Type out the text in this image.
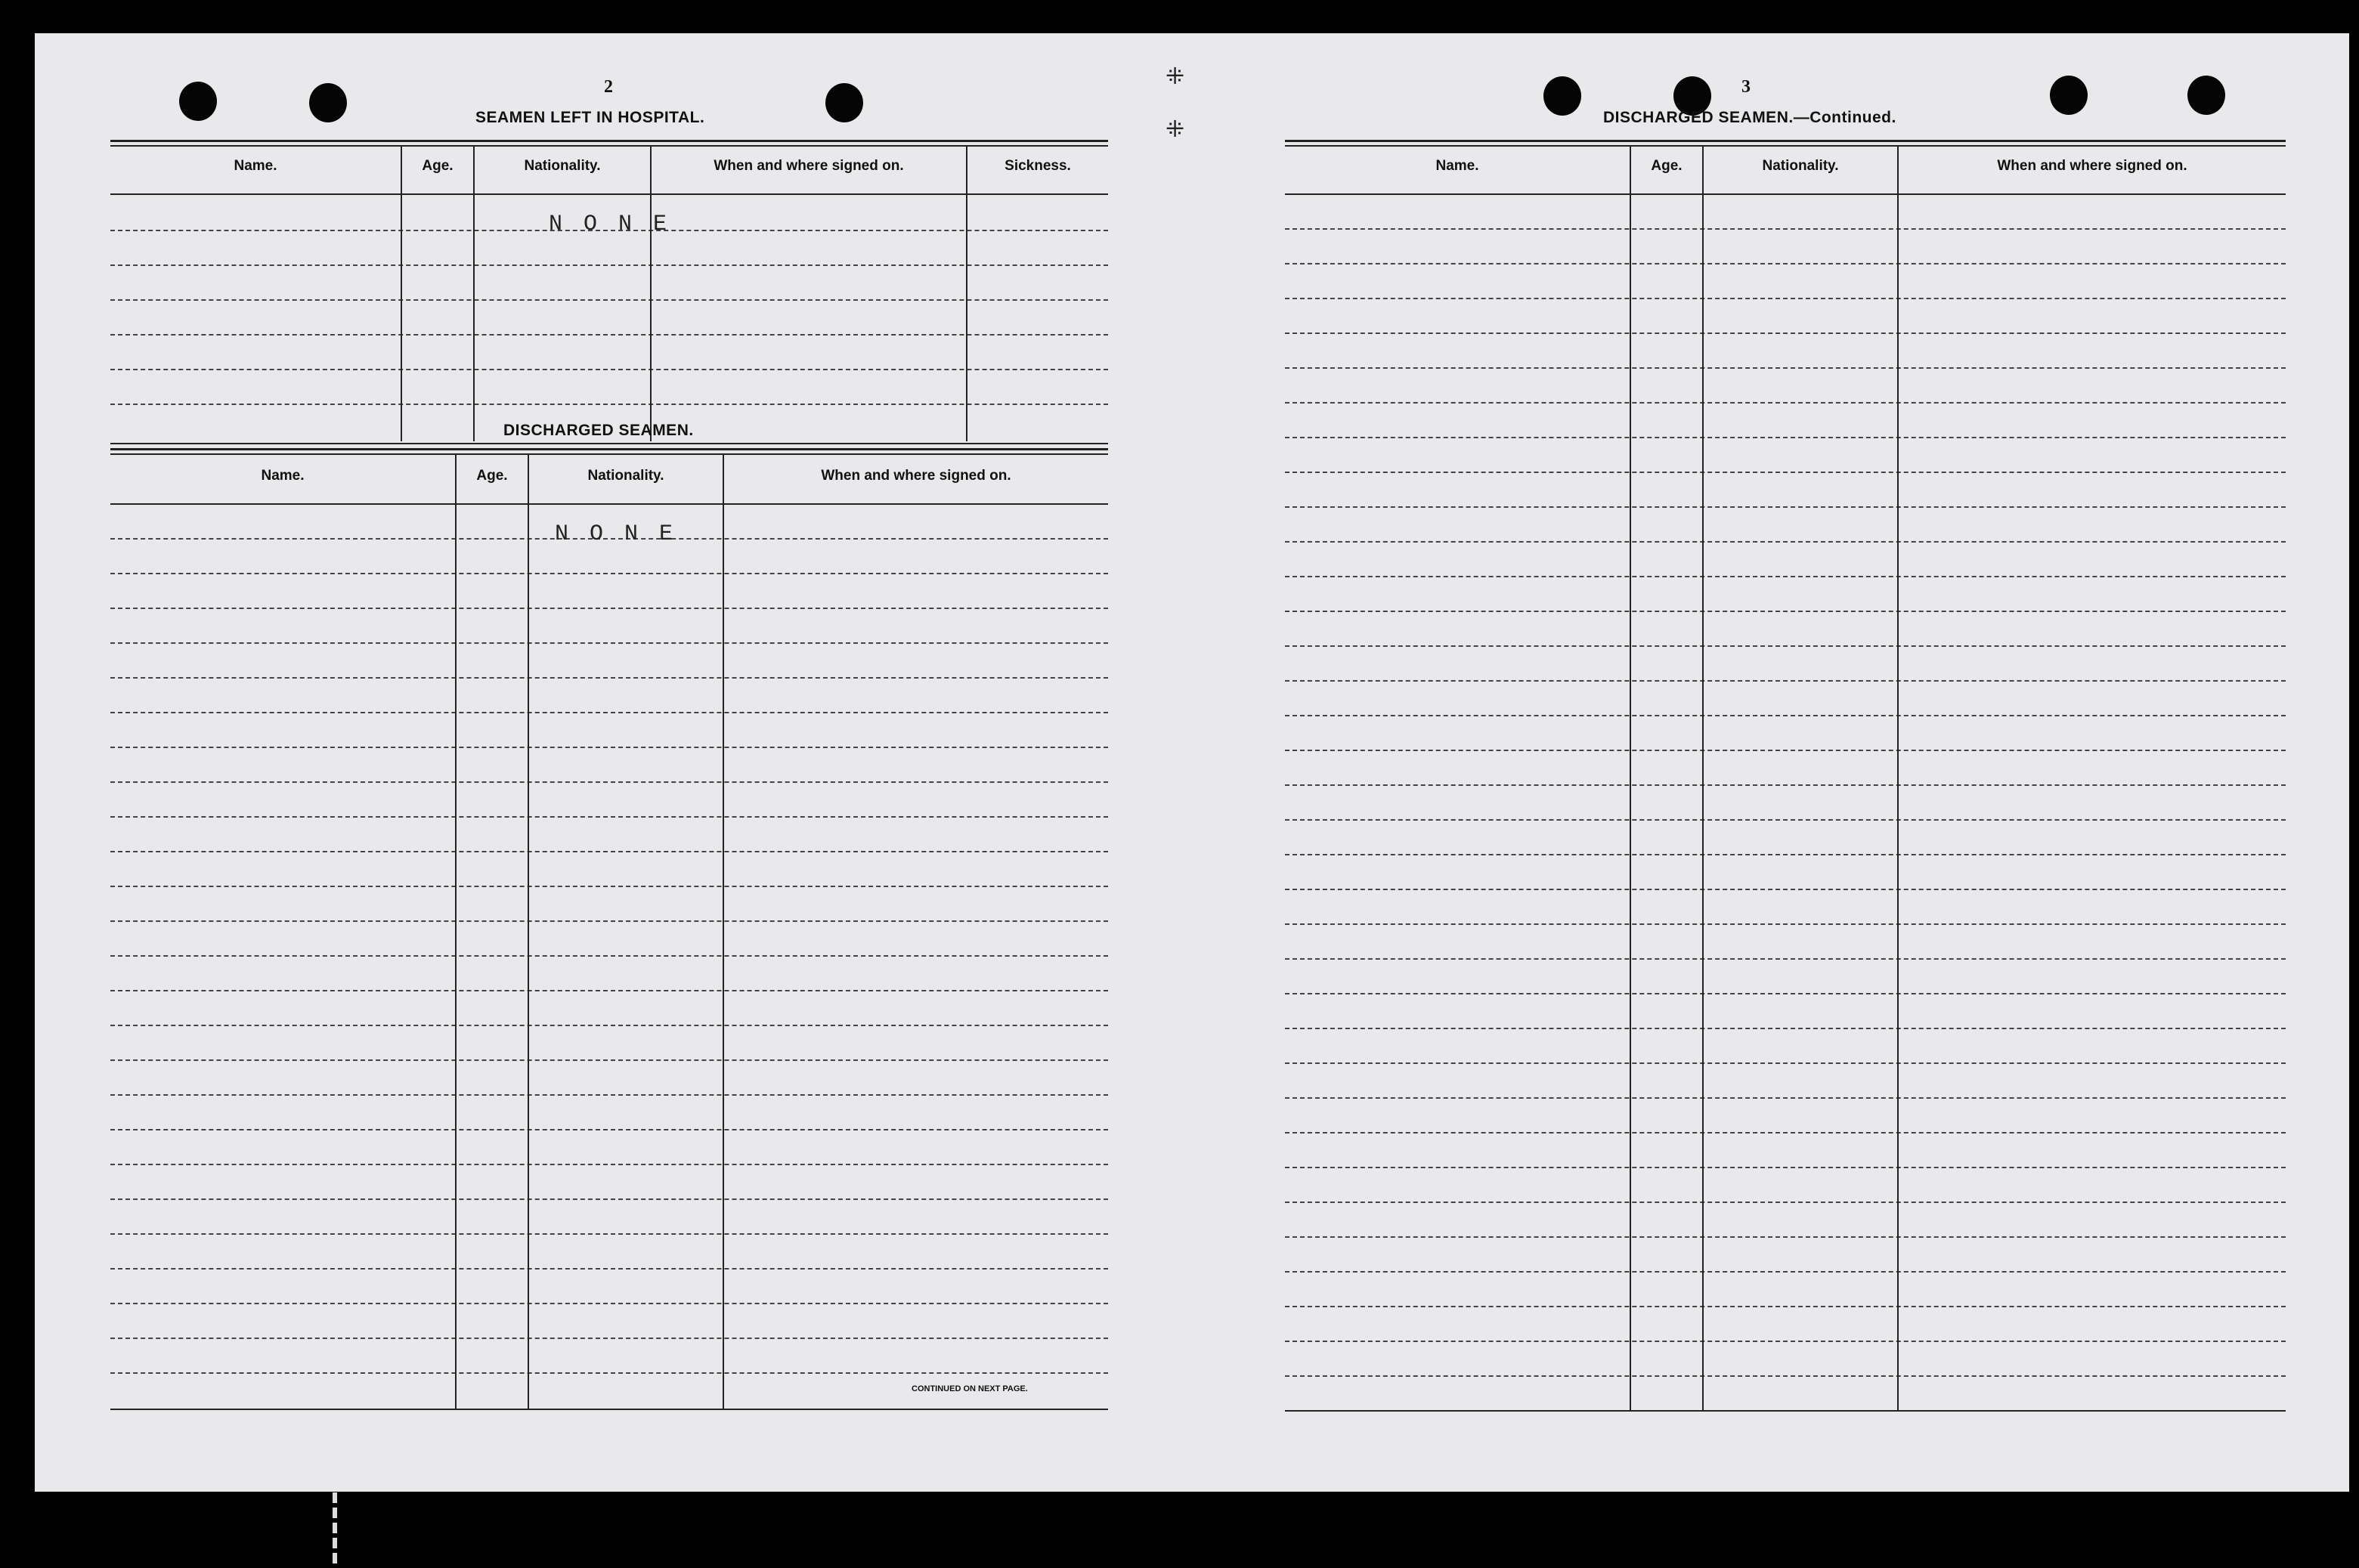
⁜
⁜
2
SEAMEN LEFT IN HOSPITAL.
Name.	Age.	Nationality.	When and where signed on.	Sickness.
NONE
DISCHARGED SEAMEN.
Name.	Age.	Nationality.	When and where signed on.
NONE
CONTINUED ON NEXT PAGE.
3
DISCHARGED SEAMEN.—Continued.
Name.	Age.	Nationality.	When and where signed on.
